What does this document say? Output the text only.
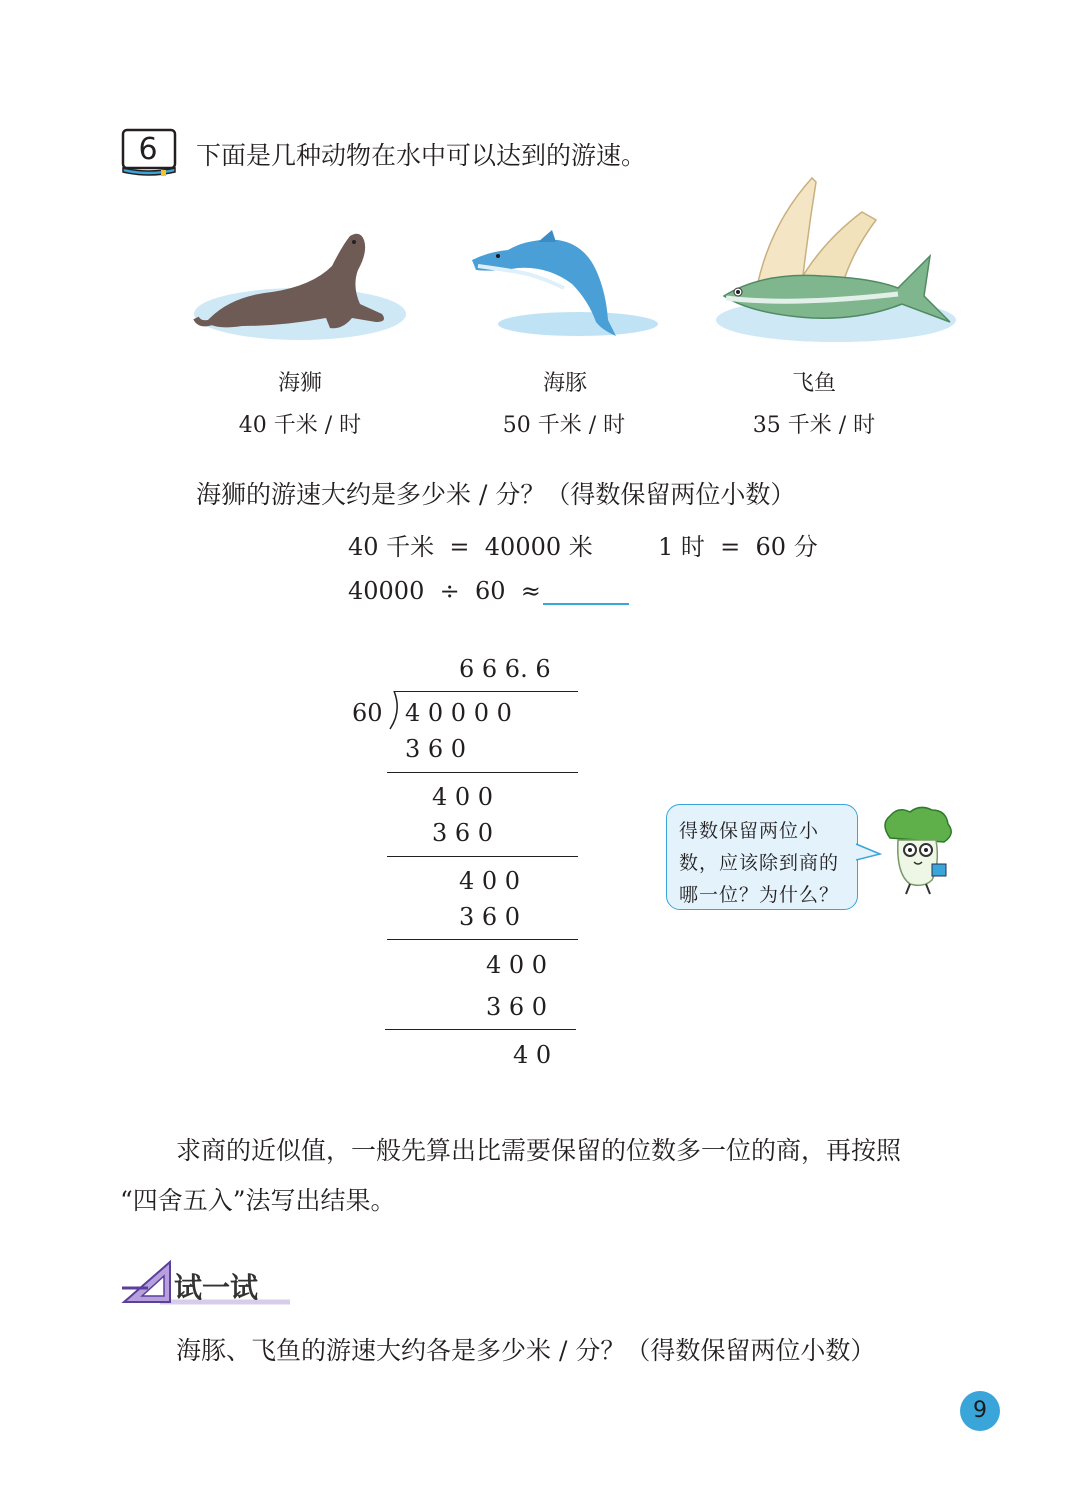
6	下面是几种动物在水中可以达到的游速。
海狮
40 千米 / 时
海豚
50 千米 / 时
飞鱼
35 千米 / 时
海狮的游速大约是多少米 / 分？（得数保留两位小数）
40 千米  =  40000 米	1 时  =  60 分
40000  ÷  60  ≈
6 6 6. 6
60 4 0 0 0 0
3 6 0
4 0 0
3 6 0
4 0 0
3 6 0
4 0 0
3 6 0
4 0

得数保留两位小

数，应该除到商的

哪一位？为什么？

求商的近似值，一般先算出比需要保留的位数多一位的商，再按照
“四舍五入”法写出结果。
试一试
海豚、飞鱼的游速大约各是多少米 / 分？（得数保留两位小数）
9
